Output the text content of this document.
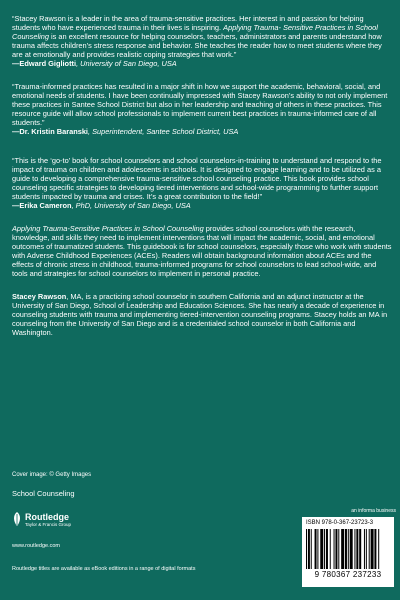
“Stacey Rawson is a leader in the area of trauma-sensitive practices. Her interest in and passion for helping students who have experienced trauma in their lives is inspiring. Applying Trauma- Sensitive Practices in School Counseling is an excellent resource for helping counselors, teachers, administrators and parents understand how trauma affects children’s stress response and behavior. She teaches the reader how to meet students where they are at emotionally and provides realistic coping strategies that work.”

—Edward Gigliotti, University of San Diego, USA

“Trauma-informed practices has resulted in a major shift in how we support the academic, behavioral, social, and emotional needs of students. I have been continually impressed with Stacey Rawson’s ability to not only implement these practices in Santee School District but also in her leadership and teaching of others in these practices. This resource guide will allow school professionals to implement current best practices in trauma-informed care of all students.”

—Dr. Kristin Baranski, Superintendent, Santee School District, USA

“This is the ‘go-to’ book for school counselors and school counselors-in-training to understand and respond to the impact of trauma on children and adolescents in schools. It is designed to engage learning and to be utilized as a guide to developing a comprehensive trauma-sensitive school counseling practice. This book provides school counseling specific strategies to developing tiered interventions and school-wide programming to further support students impacted by trauma and crises. It’s a great contribution to the field!”

—Erika Cameron, PhD, University of San Diego, USA

Applying Trauma-Sensitive Practices in School Counseling provides school counselors with the research, knowledge, and skills they need to implement interventions that will impact the academic, social, and emotional outcomes of traumatized students. This guidebook is for school counselors, especially those who work with students with Adverse Childhood Experiences (ACEs). Readers will obtain background information about ACEs and the effects of chronic stress in childhood, trauma-informed programs for school counselors to lead school-wide, and tools and strategies for school counselors to implement in personal practice.

Stacey Rawson, MA, is a practicing school counselor in southern California and an adjunct instructor at the University of San Diego, School of Leadership and Education Sciences. She has nearly a decade of experience in counseling students with trauma and implementing tiered-intervention counseling programs. Stacey holds an MA in counseling from the University of San Diego and is a credentialed school counselor in both California and Washington.

Cover image: © Getty Images
School Counseling
Routledge
Taylor & Francis Group
www.routledge.com
Routledge titles are available as eBook editions in a range of digital formats
an informa business
ISBN 978-0-367-23723-3
9 780367 237233
